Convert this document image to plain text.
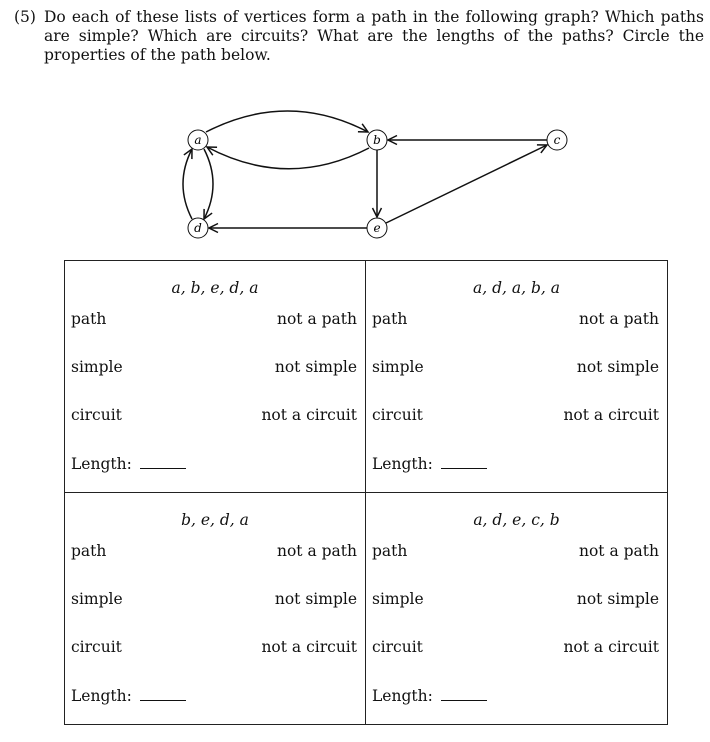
(5) Do each of these lists of vertices form a path in the following graph? Which paths are simple? Which are circuits? What are the lengths of the paths? Circle the properties of the path below.
a	b	c
d	e
a, b, e, d, a
path	not a path
simple	not simple
circuit	not a circuit
Length:
a, d, a, b, a
path	not a path
simple	not simple
circuit	not a circuit
Length:
b, e, d, a
path	not a path
simple	not simple
circuit	not a circuit
Length:
a, d, e, c, b
path	not a path
simple	not simple
circuit	not a circuit
Length:
